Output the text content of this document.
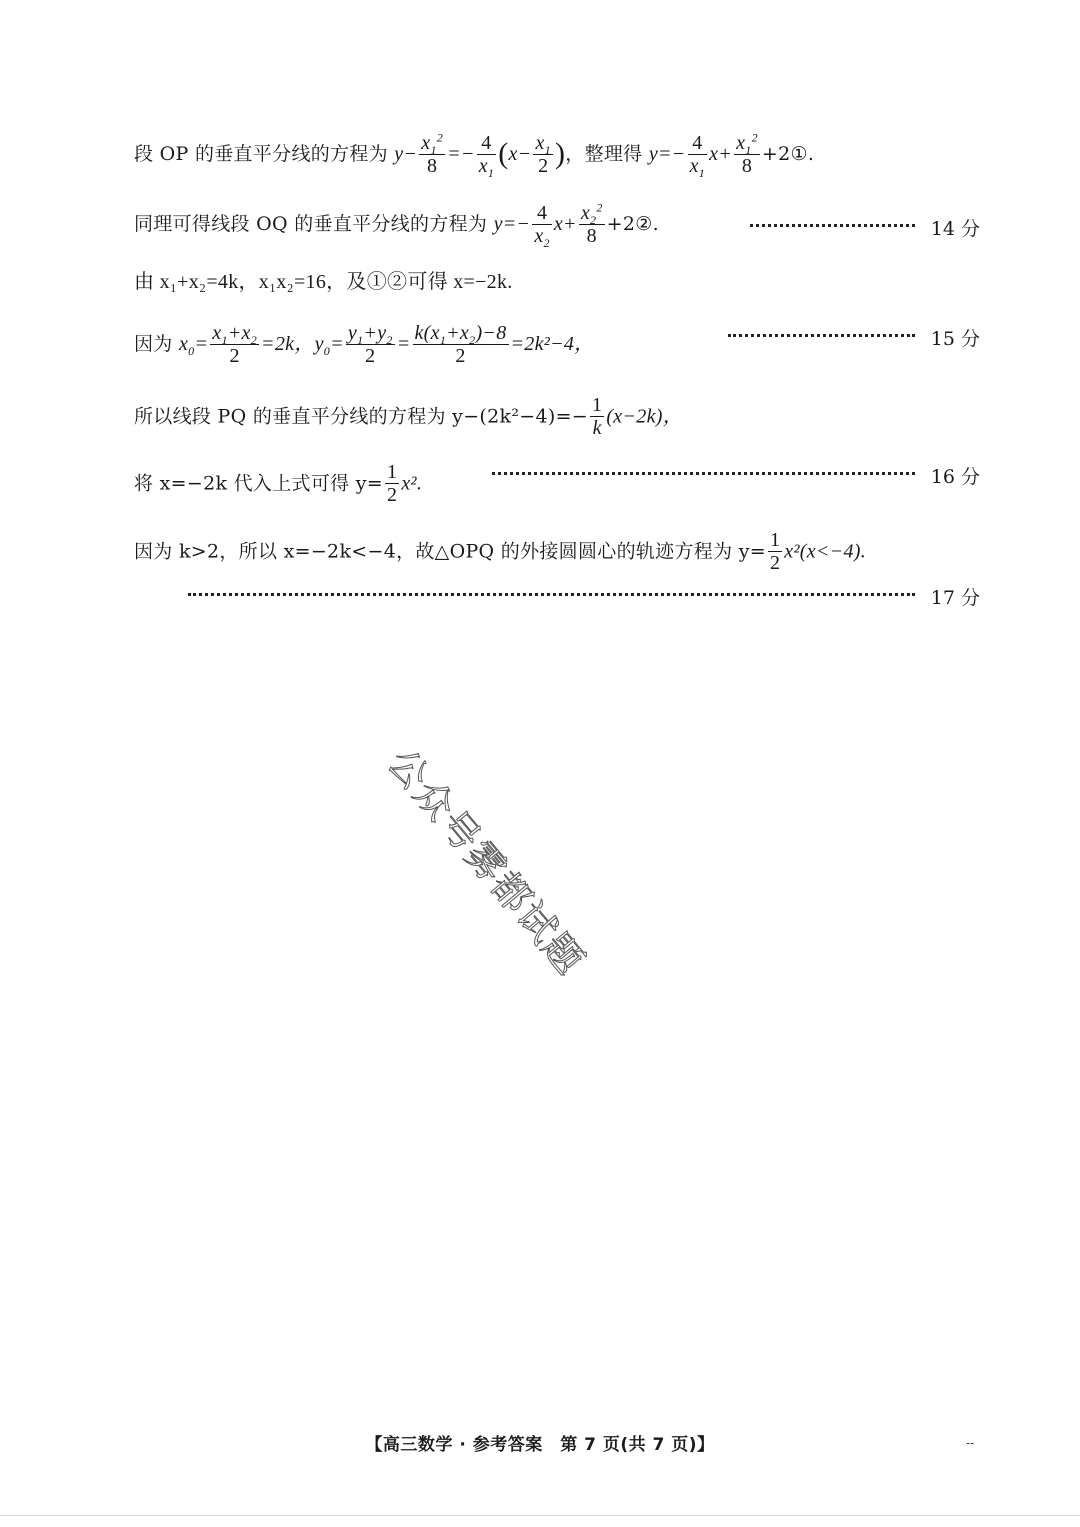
段 OP 的垂直平分线的方程为 $y- \frac{x_1^2}{8} =- \frac{4}{x_1} (x- \frac{x_1}{2}$ )，整理得 $y=- \frac{4}{x_1} x+ \frac{x_1^2}{8}$ +2①.
同理可得线段 OQ 的垂直平分线的方程为 $y=- \frac{4}{x_2} x+ \frac{x_2^2}{8}$ +2②.	14 分
由 x₁+x₂=4k，x₁x₂=16，及①②可得 x=−2k.
因为 $x_0= \frac{x_1+x_2}{2} =2k$，$y_0= \frac{y_1+y_2}{2} = \frac{k(x_1+x_2)-8}{2} =2k^2-4$，	15 分
所以线段 PQ 的垂直平分线的方程为 $y-(2k^2-4)=- \frac{1}{k} (x-2k)$，
将 x=−2k 代入上式可得 $y= \frac{1}{2} x^2$.	16 分
因为 k>2，所以 x=−2k<−4，故△OPQ 的外接圆圆心的轨迹方程为 $y= \frac{1}{2} x^2(x<-4)$.
17 分
公众号雾都试题
【高三数学 · 参考答案　第 7 页(共 7 页)】	--
